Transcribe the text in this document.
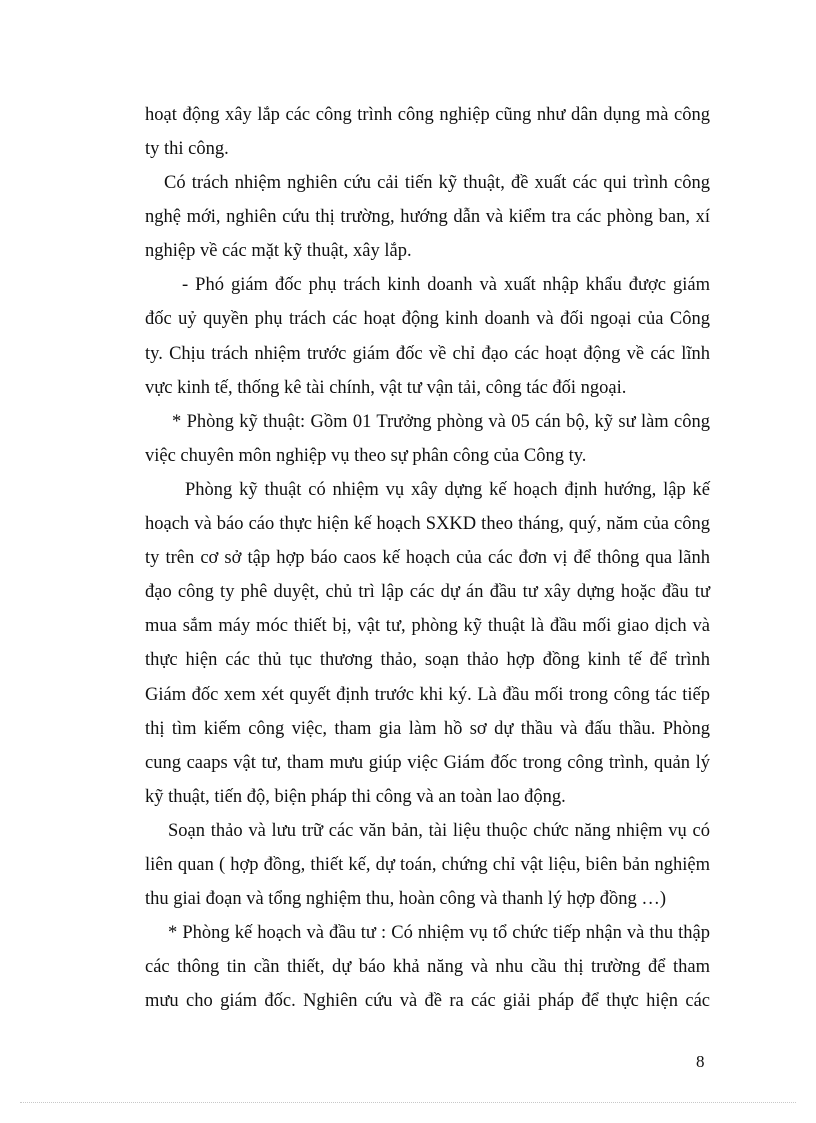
hoạt động xây lắp các công trình công nghiệp cũng như dân dụng mà công
ty thi công.
Có trách nhiệm nghiên cứu cải tiến kỹ thuật, đề xuất các qui trình công
nghệ mới, nghiên cứu thị trường, hướng dẫn và kiểm tra các phòng ban, xí
nghiệp về các mặt kỹ thuật, xây lắp.
- Phó giám đốc phụ trách kinh doanh và xuất nhập khẩu được giám
đốc uỷ quyền phụ trách các hoạt động kinh doanh và đối ngoại của Công
ty. Chịu trách nhiệm trước giám đốc về chỉ đạo các hoạt động về các lĩnh
vực kinh tế, thống kê tài chính, vật tư vận tải, công tác đối ngoại.
* Phòng kỹ thuật: Gồm 01 Trưởng phòng và 05 cán bộ, kỹ sư làm công
việc chuyên môn nghiệp vụ theo sự phân công của Công ty.
Phòng kỹ thuật có nhiệm vụ xây dựng kế hoạch định hướng, lập kế
hoạch và báo cáo thực hiện kế hoạch SXKD theo tháng, quý, năm của công
ty trên cơ sở tập hợp báo caos kế hoạch của các đơn vị để thông qua lãnh
đạo công ty phê duyệt, chủ trì lập các dự án đầu tư xây dựng hoặc đầu tư
mua sắm máy móc thiết bị, vật tư, phòng kỹ thuật là đầu mối giao dịch và
thực hiện các thủ tục thương thảo, soạn thảo hợp đồng kinh tế để trình
Giám đốc xem xét quyết định trước khi ký. Là đầu mối trong công tác tiếp
thị tìm kiếm công việc, tham gia làm hồ sơ dự thầu và đấu thầu. Phòng
cung caaps vật tư, tham mưu giúp việc Giám đốc trong công trình, quản lý
kỹ thuật, tiến độ, biện pháp thi công và an toàn lao động.
Soạn thảo và lưu trữ các văn bản, tài liệu thuộc chức năng nhiệm vụ có
liên quan ( hợp đồng, thiết kế, dự toán, chứng chỉ vật liệu, biên bản nghiệm
thu giai đoạn và tổng nghiệm thu, hoàn công và thanh lý hợp đồng …)
* Phòng kế hoạch và đầu tư : Có nhiệm vụ tổ chức tiếp nhận và thu thập
các thông tin cần thiết, dự báo khả năng và nhu cầu thị trường để tham
mưu cho giám đốc. Nghiên cứu và đề ra các giải pháp để thực hiện các
8
